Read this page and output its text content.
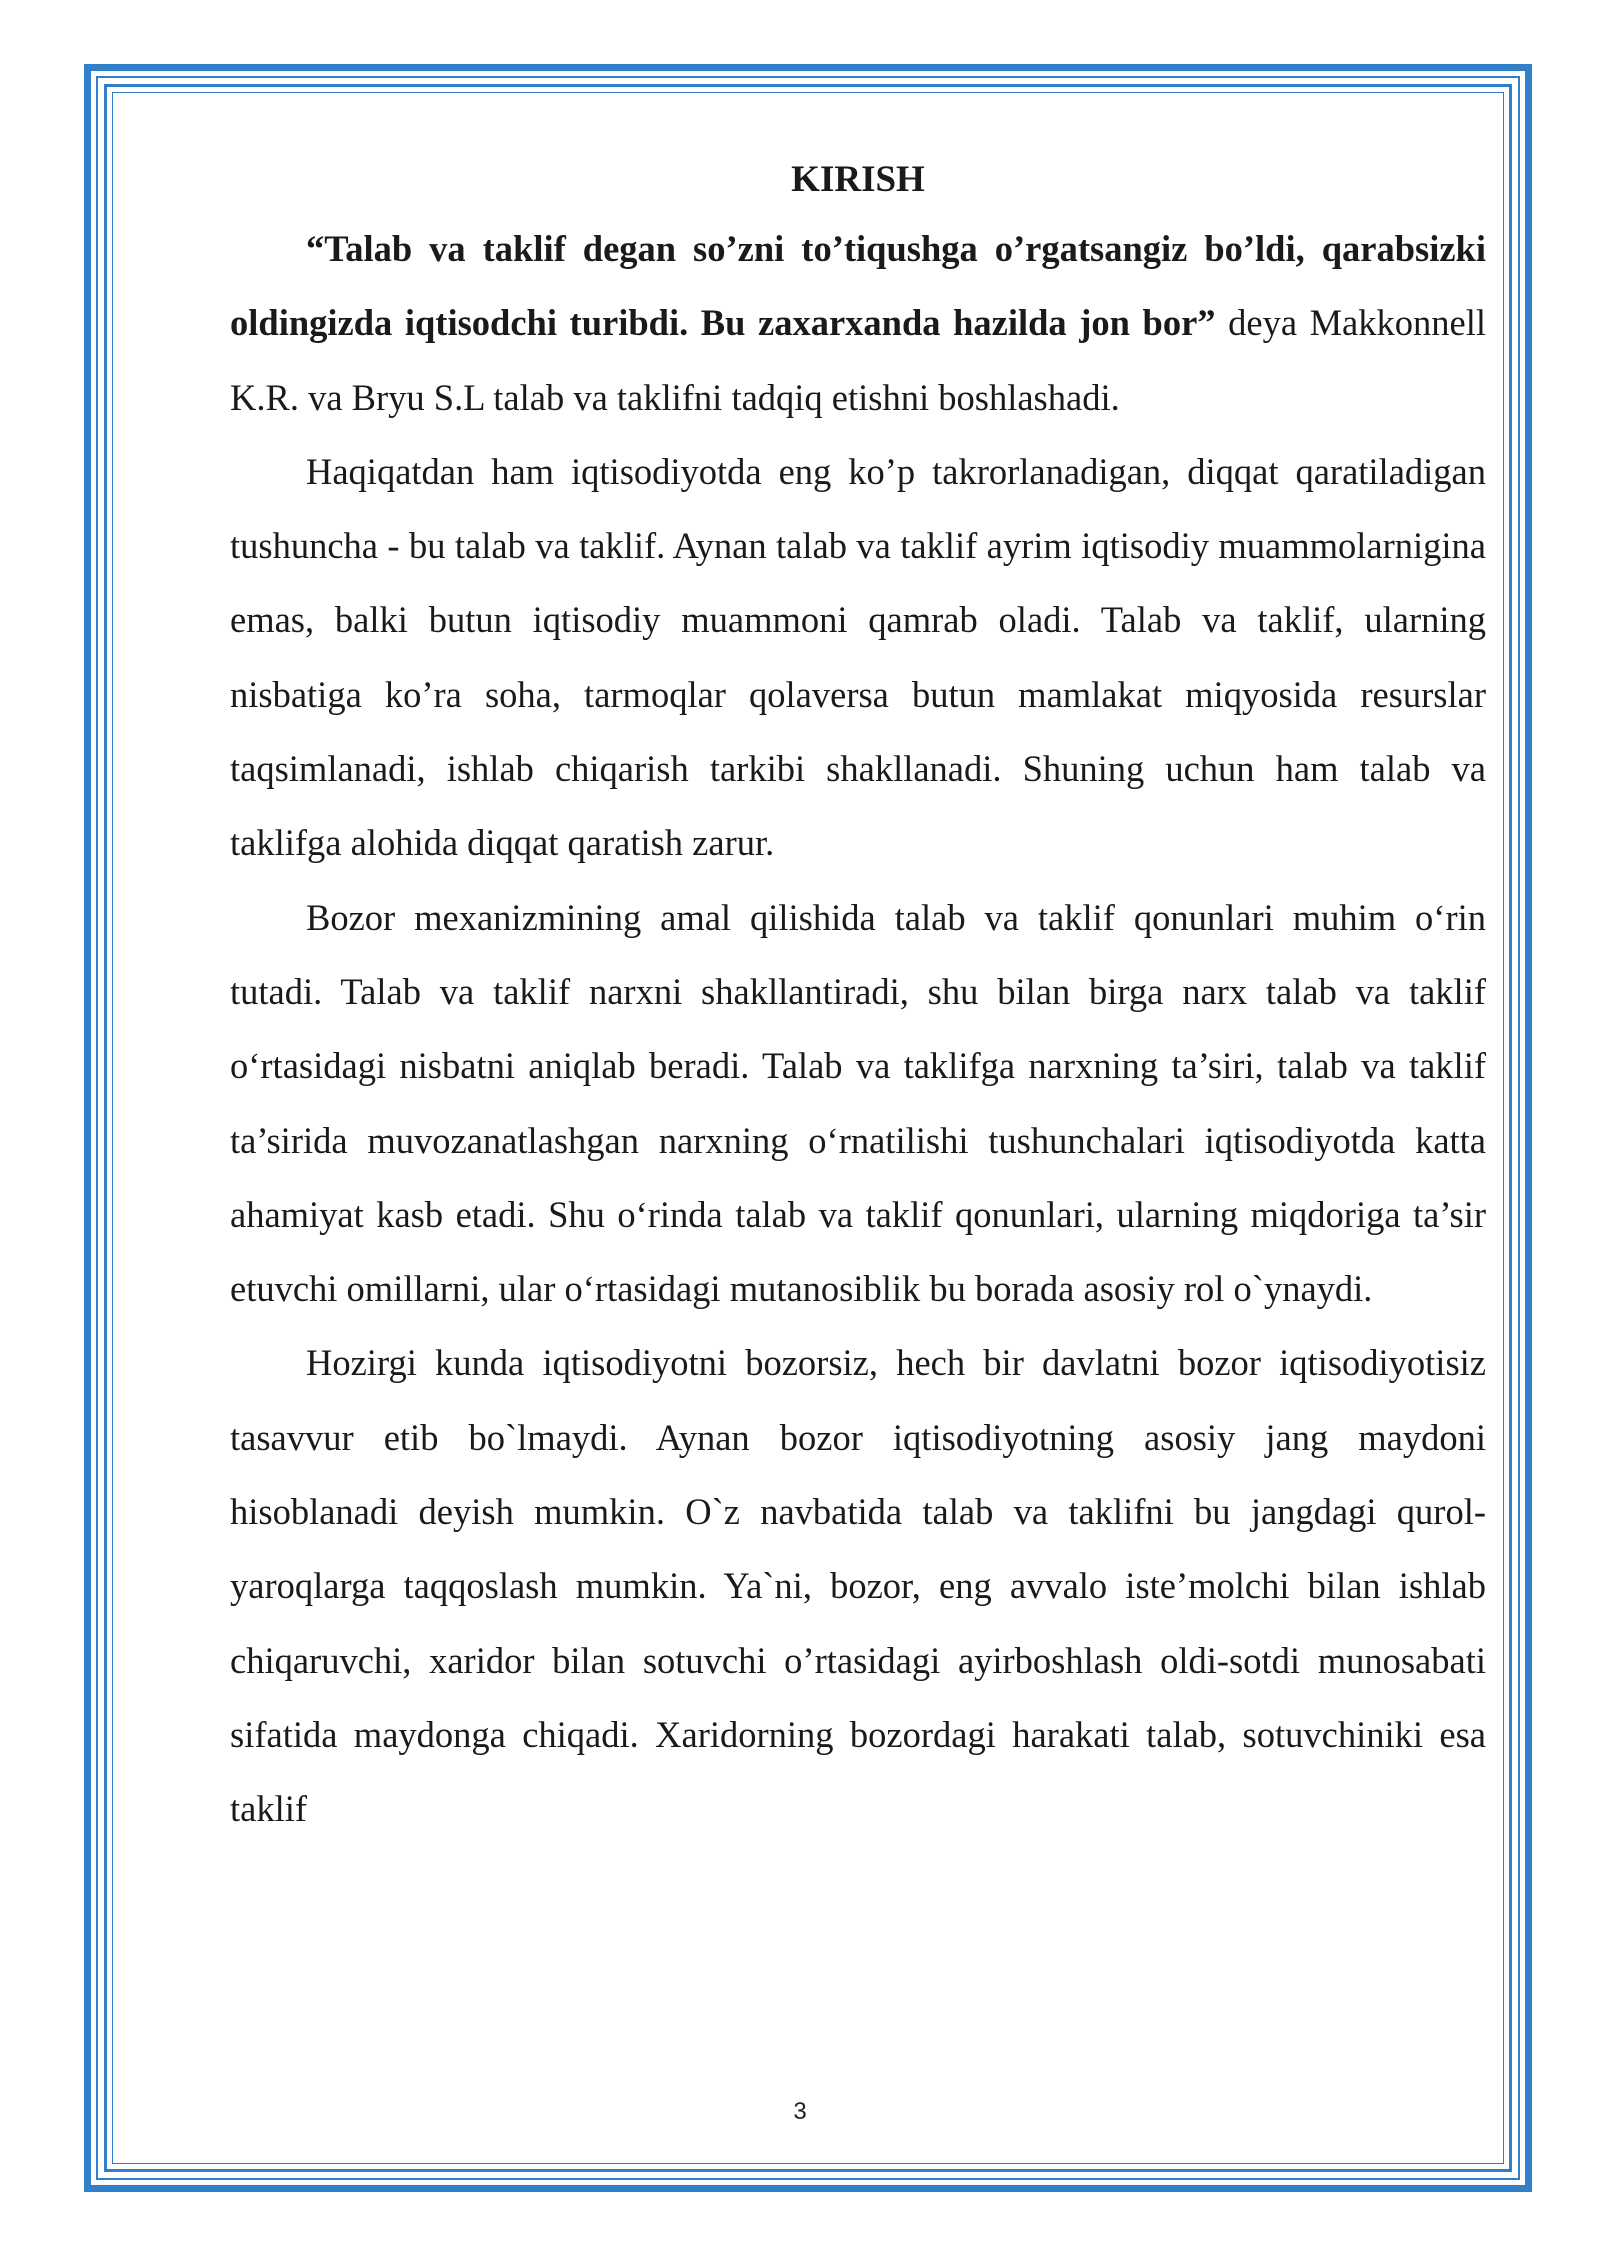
KIRISH

“Talab va taklif degan so’zni to’tiqushga o’rgatsangiz bo’ldi, qarabsizki oldingizda iqtisodchi turibdi. Bu zaxarxanda hazilda jon bor” deya Makkonnell K.R. va Bryu S.L talab va taklifni tadqiq etishni boshlashadi.

Haqiqatdan ham iqtisodiyotda eng ko’p takrorlanadigan, diqqat qaratiladigan tushuncha - bu talab va taklif. Aynan talab va taklif ayrim iqtisodiy muammolarnigina emas, balki butun iqtisodiy muammoni qamrab oladi. Talab va taklif, ularning nisbatiga ko’ra soha, tarmoqlar qolaversa butun mamlakat miqyosida resurslar taqsimlanadi, ishlab chiqarish tarkibi shakllanadi. Shuning uchun ham talab va taklifga alohida diqqat qaratish zarur.

Bozor mexanizmining amal qilishida talab va taklif qonunlari muhim o‘rin tutadi. Talab va taklif narxni shakllantiradi, shu bilan birga narx talab va taklif o‘rtasidagi nisbatni aniqlab beradi. Talab va taklifga narxning ta’siri, talab va taklif ta’sirida muvozanatlashgan narxning o‘rnatilishi tushunchalari iqtisodiyotda katta ahamiyat kasb etadi. Shu o‘rinda talab va taklif qonunlari, ularning miqdoriga ta’sir etuvchi omillarni, ular o‘rtasidagi mutanosiblik bu borada asosiy rol o`ynaydi.

Hozirgi kunda iqtisodiyotni bozorsiz, hech bir davlatni bozor iqtisodiyotisiz tasavvur etib bo`lmaydi. Aynan bozor iqtisodiyotning asosiy jang maydoni hisoblanadi deyish mumkin. O`z navbatida talab va taklifni bu jangdagi qurol-yaroqlarga taqqoslash mumkin. Ya`ni, bozor, eng avvalo iste’molchi bilan ishlab chiqaruvchi, xaridor bilan sotuvchi o’rtasidagi ayirboshlash oldi-sotdi munosabati sifatida maydonga chiqadi. Xaridorning bozordagi harakati talab, sotuvchiniki esa taklif

3
